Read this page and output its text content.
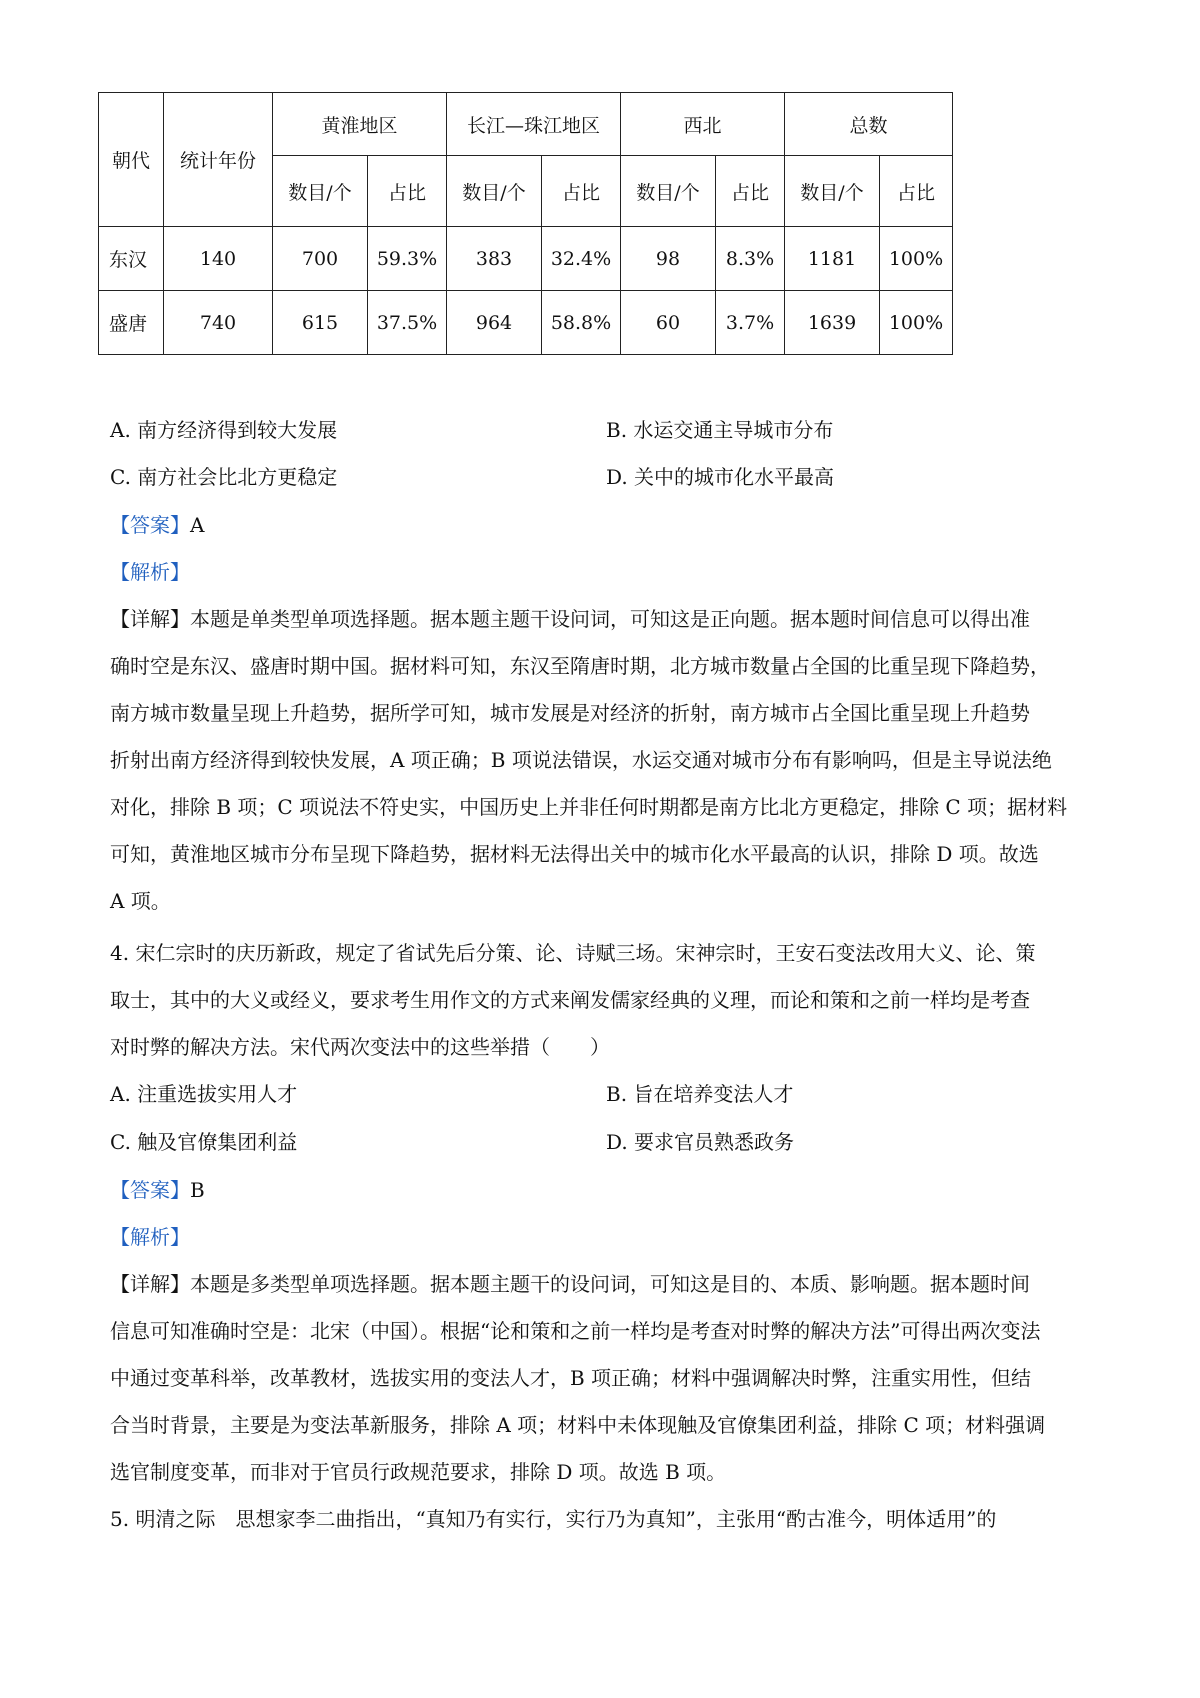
朝代	统计年份	黄淮地区		长江—珠江地区		西北		总数	
		数目/个	占比	数目/个	占比	数目/个	占比	数目/个	占比
东汉	140	700	59.3%	383	32.4%	98	8.3%	1181	100%
盛唐	740	615	37.5%	964	58.8%	60	3.7%	1639	100%
A. 南方经济得到较大发展	B. 水运交通主导城市分布
C. 南方社会比北方更稳定	D. 关中的城市化水平最高
【答案】A
【解析】
【详解】本题是单类型单项选择题。据本题主题干设问词，可知这是正向题。据本题时间信息可以得出准
确时空是东汉、盛唐时期中国。据材料可知，东汉至隋唐时期，北方城市数量占全国的比重呈现下降趋势，
南方城市数量呈现上升趋势，据所学可知，城市发展是对经济的折射，南方城市占全国比重呈现上升趋势
折射出南方经济得到较快发展，A 项正确；B 项说法错误，水运交通对城市分布有影响吗，但是主导说法绝
对化，排除 B 项；C 项说法不符史实，中国历史上并非任何时期都是南方比北方更稳定，排除 C 项；据材料
可知，黄淮地区城市分布呈现下降趋势，据材料无法得出关中的城市化水平最高的认识，排除 D 项。故选
A 项。
4. 宋仁宗时的庆历新政，规定了省试先后分策、论、诗赋三场。宋神宗时，王安石变法改用大义、论、策
取士，其中的大义或经义，要求考生用作文的方式来阐发儒家经典的义理，而论和策和之前一样均是考查
对时弊的解决方法。宋代两次变法中的这些举措（　　）
A. 注重选拔实用人才	B. 旨在培养变法人才
C. 触及官僚集团利益	D. 要求官员熟悉政务
【答案】B
【解析】
【详解】本题是多类型单项选择题。据本题主题干的设问词，可知这是目的、本质、影响题。据本题时间
信息可知准确时空是：北宋（中国）。根据“论和策和之前一样均是考查对时弊的解决方法”可得出两次变法
中通过变革科举，改革教材，选拔实用的变法人才，B 项正确；材料中强调解决时弊，注重实用性，但结
合当时背景，主要是为变法革新服务，排除 A 项；材料中未体现触及官僚集团利益，排除 C 项；材料强调
选官制度变革，而非对于官员行政规范要求，排除 D 项。故选 B 项。
5. 明清之际　思想家李二曲指出，“真知乃有实行，实行乃为真知”，主张用“酌古准今，明体适用”的
